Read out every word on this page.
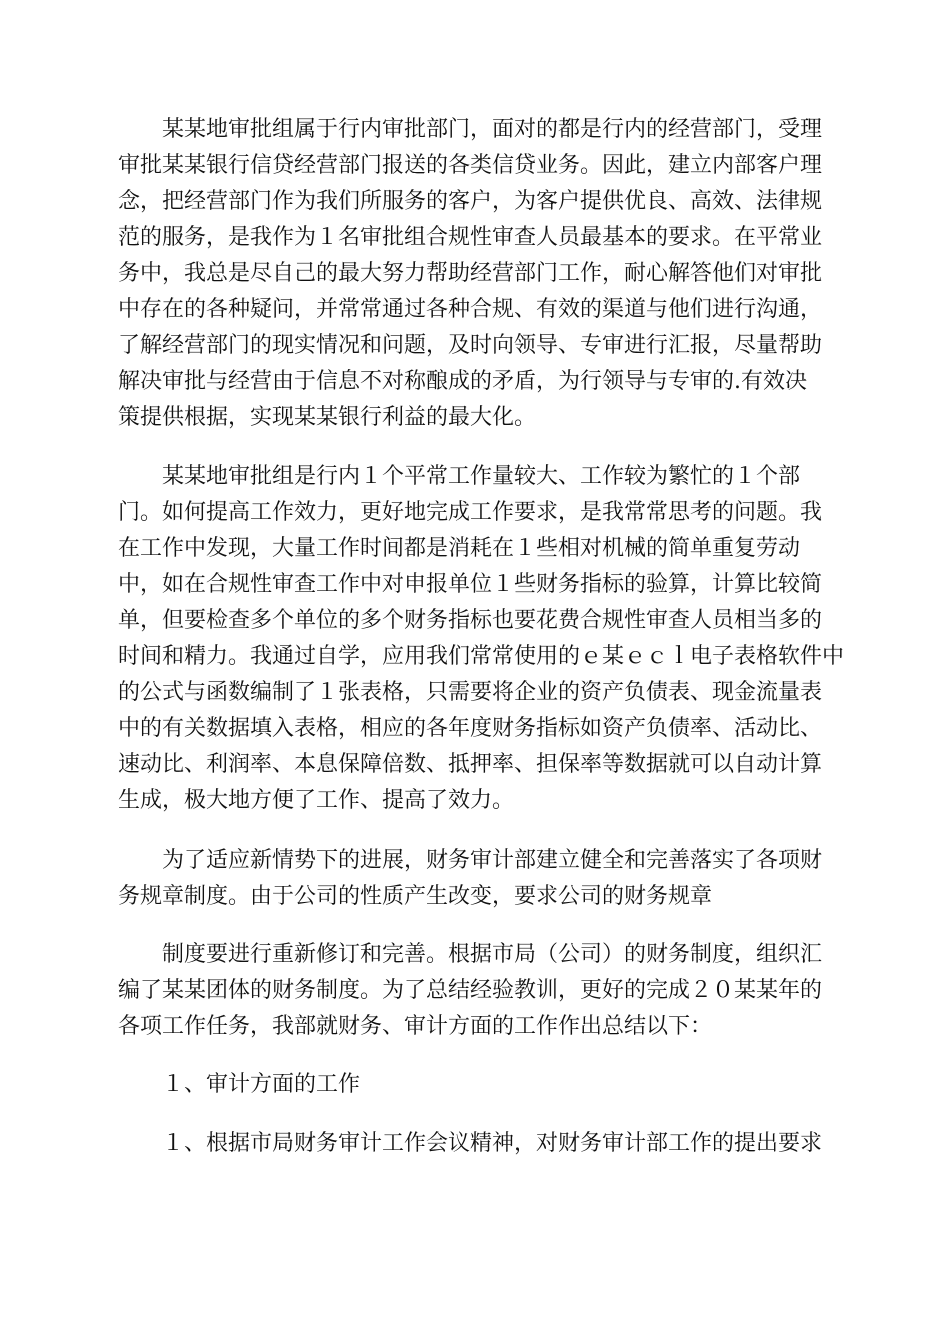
某某地审批组属于行内审批部门，面对的都是行内的经营部门，受理
审批某某银行信贷经营部门报送的各类信贷业务。因此，建立内部客户理
念，把经营部门作为我们所服务的客户，为客户提供优良、高效、法律规
范的服务，是我作为１名审批组合规性审查人员最基本的要求。在平常业
务中，我总是尽自己的最大努力帮助经营部门工作，耐心解答他们对审批
中存在的各种疑问，并常常通过各种合规、有效的渠道与他们进行沟通，
了解经营部门的现实情况和问题，及时向领导、专审进行汇报，尽量帮助
解决审批与经营由于信息不对称酿成的矛盾，为行领导与专审的.有效决
策提供根据，实现某某银行利益的最大化。
某某地审批组是行内１个平常工作量较大、工作较为繁忙的１个部
门。如何提高工作效力，更好地完成工作要求，是我常常思考的问题。我
在工作中发现，大量工作时间都是消耗在１些相对机械的简单重复劳动
中，如在合规性审查工作中对申报单位１些财务指标的验算，计算比较简
单，但要检查多个单位的多个财务指标也要花费合规性审查人员相当多的
时间和精力。我通过自学，应用我们常常使用的ｅ某ｅｃｌ电子表格软件中
的公式与函数编制了１张表格，只需要将企业的资产负债表、现金流量表
中的有关数据填入表格，相应的各年度财务指标如资产负债率、活动比、
速动比、利润率、本息保障倍数、抵押率、担保率等数据就可以自动计算
生成，极大地方便了工作、提高了效力。
为了适应新情势下的进展，财务审计部建立健全和完善落实了各项财
务规章制度。由于公司的性质产生改变，要求公司的财务规章
制度要进行重新修订和完善。根据市局（公司）的财务制度，组织汇
编了某某团体的财务制度。为了总结经验教训，更好的完成２０某某年的
各项工作任务，我部就财务、审计方面的工作作出总结以下：
１、审计方面的工作
１、根据市局财务审计工作会议精神，对财务审计部工作的提出要求
